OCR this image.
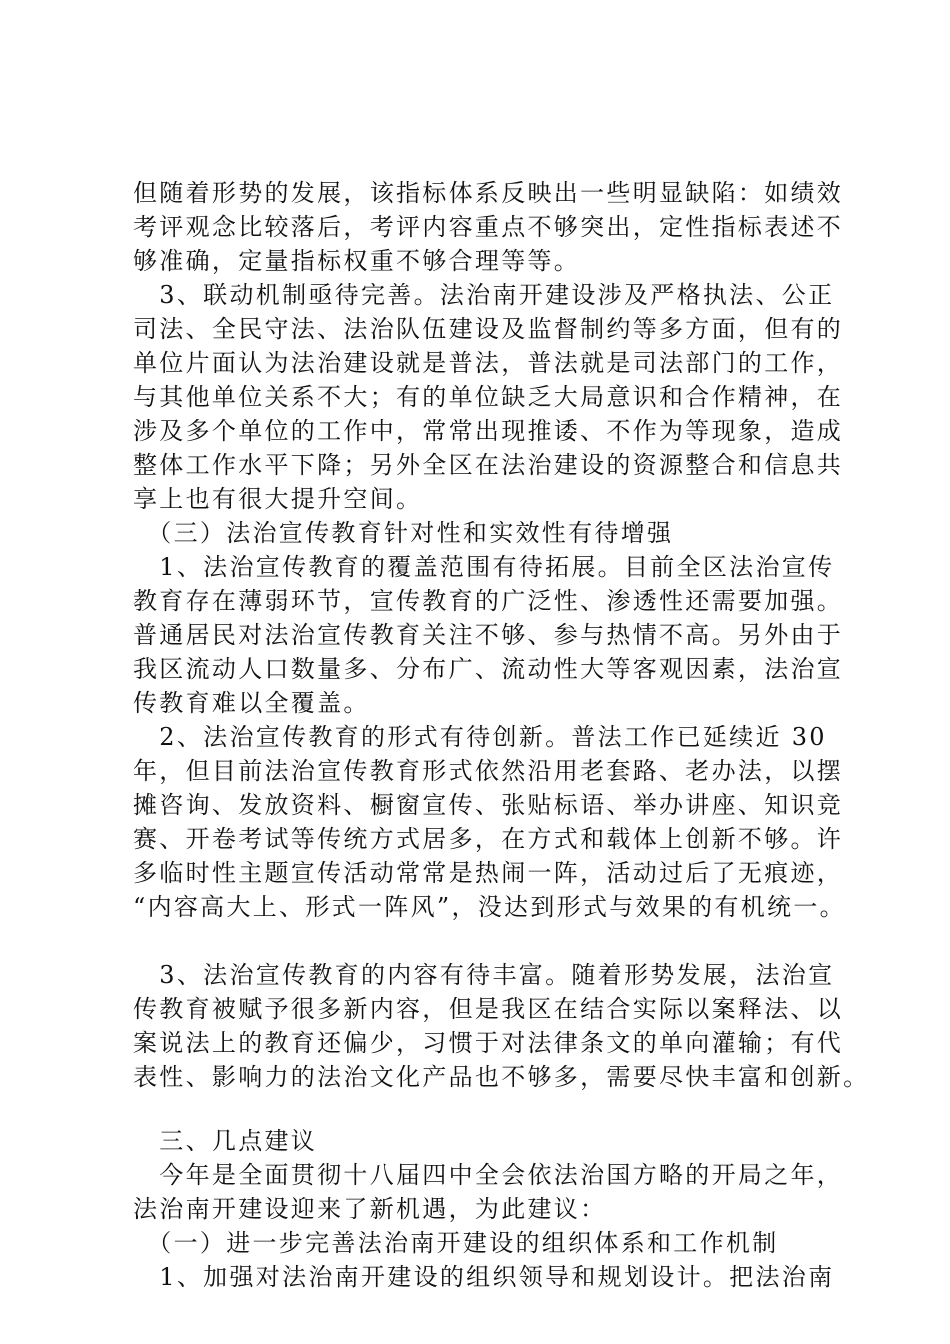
但随着形势的发展，该指标体系反映出一些明显缺陷：如绩效
考评观念比较落后，考评内容重点不够突出，定性指标表述不
够准确，定量指标权重不够合理等等。
　3、联动机制亟待完善。法治南开建设涉及严格执法、公正
司法、全民守法、法治队伍建设及监督制约等多方面，但有的
单位片面认为法治建设就是普法，普法就是司法部门的工作，
与其他单位关系不大；有的单位缺乏大局意识和合作精神，在
涉及多个单位的工作中，常常出现推诿、不作为等现象，造成
整体工作水平下降；另外全区在法治建设的资源整合和信息共
享上也有很大提升空间。
　（三）法治宣传教育针对性和实效性有待增强
　1、法治宣传教育的覆盖范围有待拓展。目前全区法治宣传
教育存在薄弱环节，宣传教育的广泛性、渗透性还需要加强。
普通居民对法治宣传教育关注不够、参与热情不高。另外由于
我区流动人口数量多、分布广、流动性大等客观因素，法治宣
传教育难以全覆盖。
　2、法治宣传教育的形式有待创新。普法工作已延续近 30
年，但目前法治宣传教育形式依然沿用老套路、老办法，以摆
摊咨询、发放资料、橱窗宣传、张贴标语、举办讲座、知识竞
赛、开卷考试等传统方式居多，在方式和载体上创新不够。许
多临时性主题宣传活动常常是热闹一阵，活动过后了无痕迹，
“内容高大上、形式一阵风”，没达到形式与效果的有机统一。
　3、法治宣传教育的内容有待丰富。随着形势发展，法治宣
传教育被赋予很多新内容，但是我区在结合实际以案释法、以
案说法上的教育还偏少，习惯于对法律条文的单向灌输；有代
表性、影响力的法治文化产品也不够多，需要尽快丰富和创新。
　三、几点建议
　今年是全面贯彻十八届四中全会依法治国方略的开局之年，
法治南开建设迎来了新机遇，为此建议：
　（一）进一步完善法治南开建设的组织体系和工作机制
　1、加强对法治南开建设的组织领导和规划设计。把法治南
